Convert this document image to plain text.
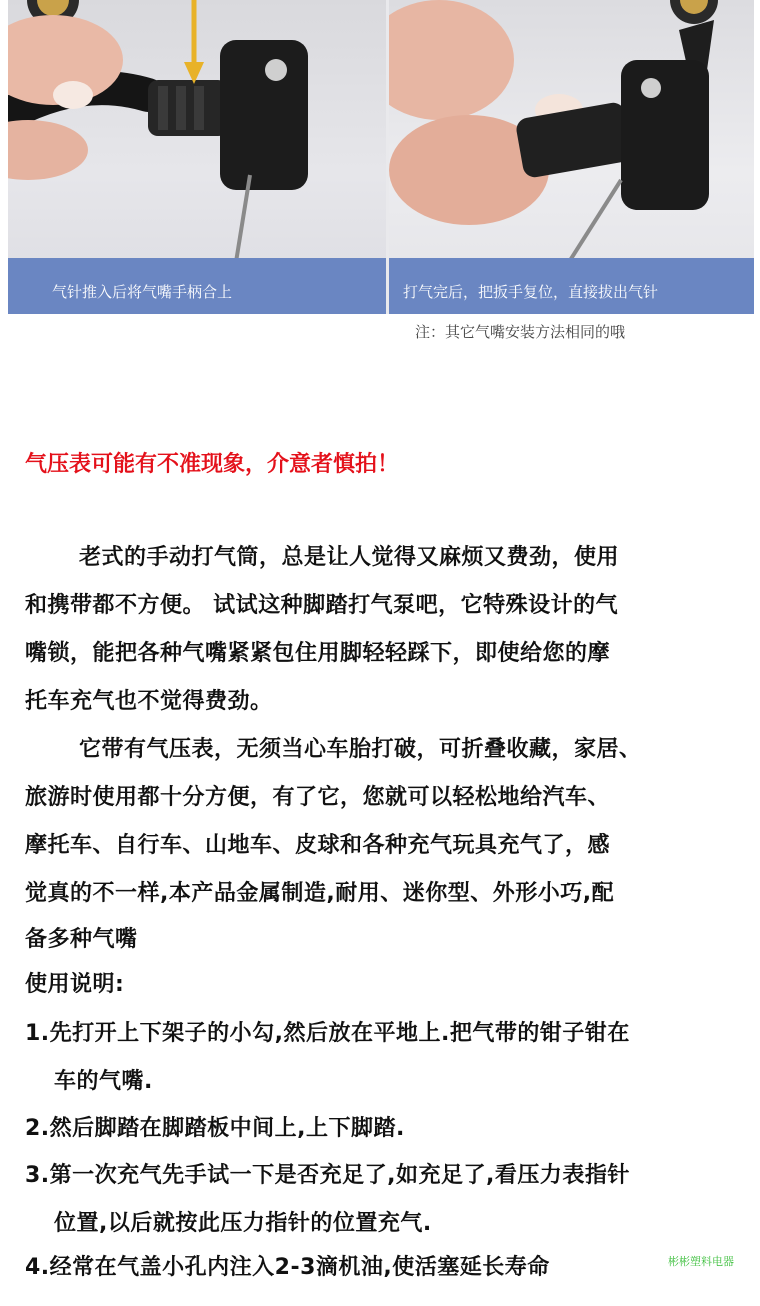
气针推入后将气嘴手柄合上	打气完后，把扳手复位，直接拔出气针
注：其它气嘴安装方法相同的哦
气压表可能有不准现象，介意者慎拍！
老式的手动打气筒，总是让人觉得又麻烦又费劲，使用
和携带都不方便。 试试这种脚踏打气泵吧，它特殊设计的气
嘴锁，能把各种气嘴紧紧包住用脚轻轻踩下，即使给您的摩
托车充气也不觉得费劲。
它带有气压表，无须当心车胎打破，可折叠收藏，家居、
旅游时使用都十分方便，有了它，您就可以轻松地给汽车、
摩托车、自行车、山地车、皮球和各种充气玩具充气了，感
觉真的不一样,本产品金属制造,耐用、迷你型、外形小巧,配
备多种气嘴
使用说明:
1.先打开上下架子的小勾,然后放在平地上.把气带的钳子钳在
车的气嘴.
2.然后脚踏在脚踏板中间上,上下脚踏.
3.第一次充气先手试一下是否充足了,如充足了,看压力表指针
位置,以后就按此压力指针的位置充气.
4.经常在气盖小孔内注入2-3滴机油,使活塞延长寿命	彬彬塑料电器
